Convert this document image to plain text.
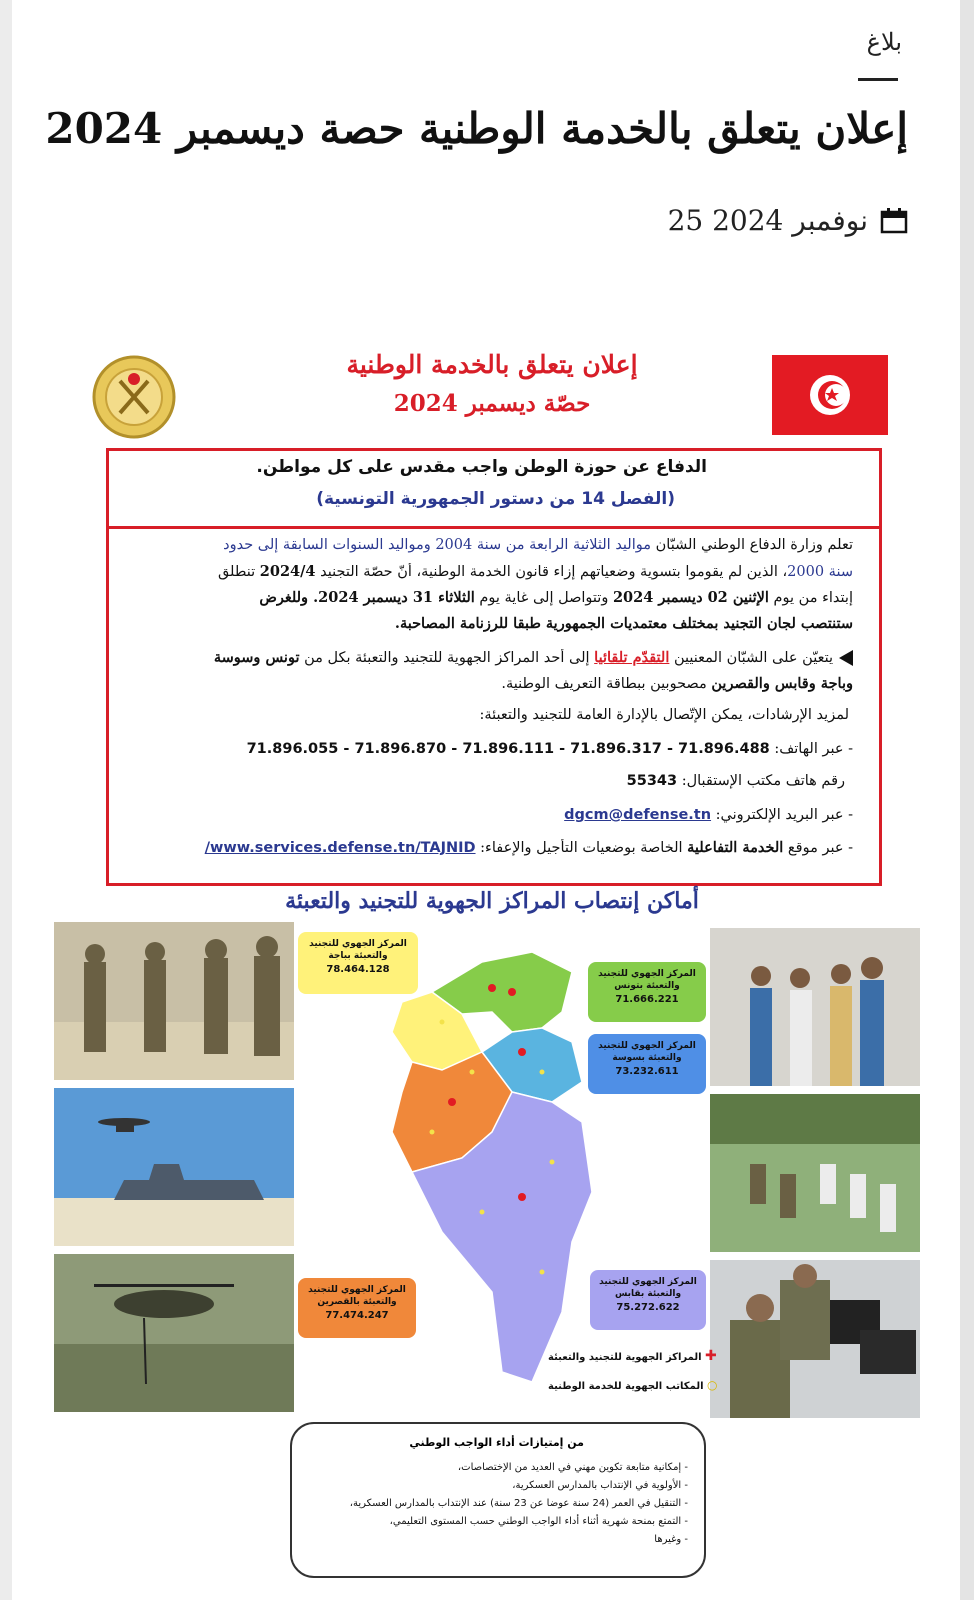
بلاغ
إعلان يتعلق بالخدمة الوطنية حصة ديسمبر 2024
25 نوفمبر 2024
إعلان يتعلق بالخدمة الوطنية
حصّة ديسمبر 2024
الدفاع عن حوزة الوطن واجب مقدس على كل مواطن.
(الفصل 14 من دستور الجمهورية التونسية)
تعلم وزارة الدفاع الوطني الشبّان مواليد الثلاثية الرابعة من سنة 2004 ومواليد السنوات السابقة إلى حدود
سنة 2000، الذين لم يقوموا بتسوية وضعياتهم إزاء قانون الخدمة الوطنية، أنّ حصّة التجنيد 2024/4 تنطلق
إبتداء من يوم الإثنين 02 ديسمبر 2024 وتتواصل إلى غاية يوم الثلاثاء 31 ديسمبر 2024. وللغرض
ستنتصب لجان التجنيد بمختلف معتمديات الجمهورية طبقا للرزنامة المصاحبة.
يتعيّن على الشبّان المعنيين التقدّم تلقائيا إلى أحد المراكز الجهوية للتجنيد والتعبئة بكل من تونس وسوسة
وباجة وقابس والقصرين مصحوبين ببطاقة التعريف الوطنية.
لمزيد الإرشادات، يمكن الإتّصال بالإدارة العامة للتجنيد والتعبئة:
- عبر الهاتف: 71.896.488 - 71.896.317 - 71.896.111 - 71.896.870 - 71.896.055
رقم هاتف مكتب الإستقبال: 55343
- عبر البريد الإلكتروني: dgcm@defense.tn
- عبر موقع الخدمة التفاعلية الخاصة بوضعيات التأجيل والإعفاء: www.services.defense.tn/TAJNID/
أماكن إنتصاب المراكز الجهوية للتجنيد والتعبئة
المركز الجهوي للتجنيد والتعبئة بباجة
78.464.128	المركز الجهوي للتجنيد والتعبئة بتونس
71.666.221
المركز الجهوي للتجنيد والتعبئة بسوسة
73.232.611
المركز الجهوي للتجنيد والتعبئة بالقصرين
77.474.247
المركز الجهوي للتجنيد والتعبئة بقابس
75.272.622
✚ المراكز الجهوية للتجنيد والتعبئة
○ المكاتب الجهوية للخدمة الوطنية
من إمتيازات أداء الواجب الوطني
- إمكانية متابعة تكوين مهني في العديد من الإختصاصات،
- الأولوية في الإنتداب بالمدارس العسكرية،
- التنقيل في العمر (24 سنة عوضا عن 23 سنة) عند الإنتداب بالمدارس العسكرية،
- التمتع بمنحة شهرية أثناء أداء الواجب الوطني حسب المستوى التعليمي،
- وغيرها
